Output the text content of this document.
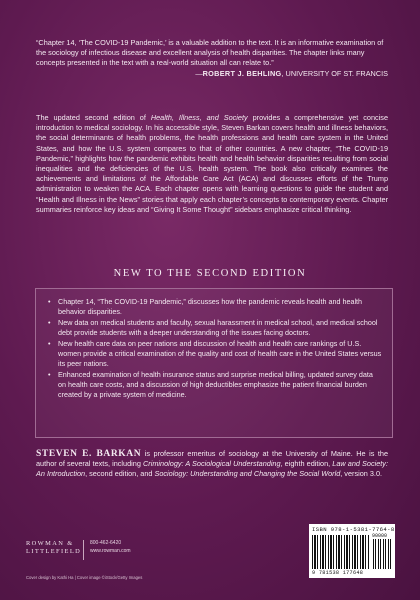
“Chapter 14, ‘The COVID-19 Pandemic,’ is a valuable addition to the text. It is an informative examination of the sociology of infectious disease and excellent analysis of health disparities. The chapter links many concepts presented in the text with a real-world situation all can relate to.”
—ROBERT J. BEHLING, UNIVERSITY OF ST. FRANCIS

The updated second edition of Health, Illness, and Society provides a comprehensive yet concise introduction to medical sociology. In his accessible style, Steven Barkan covers health and illness behaviors, the social determinants of health problems, the health professions and health care system in the United States, and how the U.S. system compares to that of other countries. A new chapter, “The COVID-19 Pandemic,” highlights how the pandemic exhibits health and health behavior disparities resulting from social inequalities and the deficiencies of the U.S. health system. The book also critically examines the achievements and limitations of the Affordable Care Act (ACA) and discusses efforts of the Trump administration to weaken the ACA. Each chapter opens with learning questions to guide the student and “Health and Illness in the News” stories that apply each chapter’s concepts to contemporary events. Chapter summaries reinforce key ideas and “Giving It Some Thought” sidebars emphasize critical thinking.

NEW TO THE SECOND EDITION
• Chapter 14, “The COVID-19 Pandemic,” discusses how the pandemic reveals health and health behavior disparities.
• New data on medical students and faculty, sexual harassment in medical school, and medical school debt provide students with a deeper understanding of the issues facing doctors.
• New health care data on peer nations and discussion of health and health care rankings of U.S. women provide a critical examination of the quality and cost of health care in the United States versus its peer nations.
• Enhanced examination of health insurance status and surprise medical billing, updated survey data on health care costs, and a discussion of high deductibles emphasize the patient financial burden created by a private system of medicine.
STEVEN E. BARKAN is professor emeritus of sociology at the University of Maine. He is the author of several texts, including Criminology: A Sociological Understanding, eighth edition, Law and Society: An Introduction, second edition, and Sociology: Understanding and Changing the Social World, version 3.0.
ROWMAN &
LITTLEFIELD
800-462-6420
www.rowman.com
Cover design by Kathi Ha | Cover image ©iStock/Getty Images
ISBN 978-1-5381-7764-8
90000
9 781538 177648
